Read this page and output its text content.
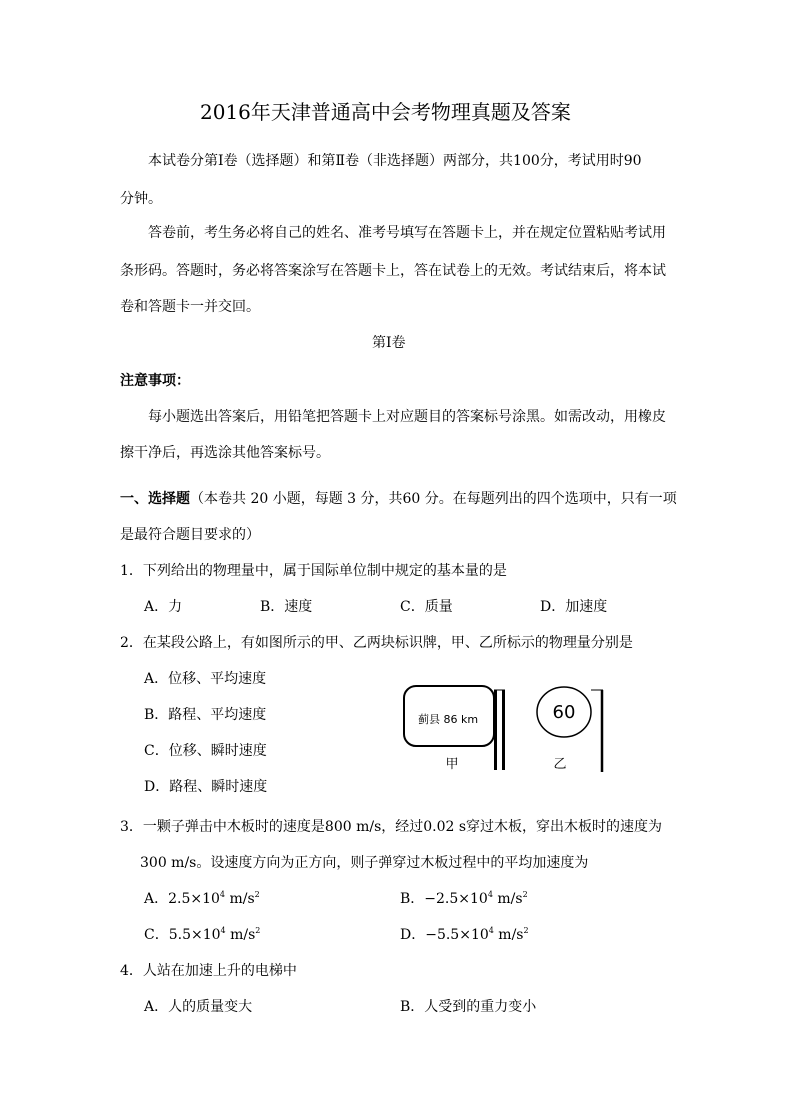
2016年天津普通高中会考物理真题及答案
本试卷分第Ⅰ卷（选择题）和第Ⅱ卷（非选择题）两部分，共100分，考试用时90
分钟。
答卷前，考生务必将自己的姓名、准考号填写在答题卡上，并在规定位置粘贴考试用
条形码。答题时，务必将答案涂写在答题卡上，答在试卷上的无效。考试结束后，将本试
卷和答题卡一并交回。
第Ⅰ卷
注意事项：
每小题选出答案后，用铅笔把答题卡上对应题目的答案标号涂黑。如需改动，用橡皮
擦干净后，再选涂其他答案标号。
一、选择题（本卷共 20 小题，每题 3 分，共60 分。在每题列出的四个选项中，只有一项
是最符合题目要求的）
1．下列给出的物理量中，属于国际单位制中规定的基本量的是
A．力	B．速度	C．质量	D．加速度
2．在某段公路上，有如图所示的甲、乙两块标识牌，甲、乙所标示的物理量分别是
A．位移、平均速度
B．路程、平均速度
C．位移、瞬时速度
D．路程、瞬时速度
蓟县 86 km
甲
60
乙
3．一颗子弹击中木板时的速度是800 m/s，经过0.02 s穿过木板，穿出木板时的速度为
300 m/s。设速度方向为正方向，则子弹穿过木板过程中的平均加速度为
A．$2.5\times 10^4$ $m/s^2$	B．$-2.5\times 10^4$ $m/s^2$
C．$5.5\times 10^4$ $m/s^2$	D．$-5.5\times 10^4$ $m/s^2$
4．人站在加速上升的电梯中
A．人的质量变大	B．人受到的重力变小
